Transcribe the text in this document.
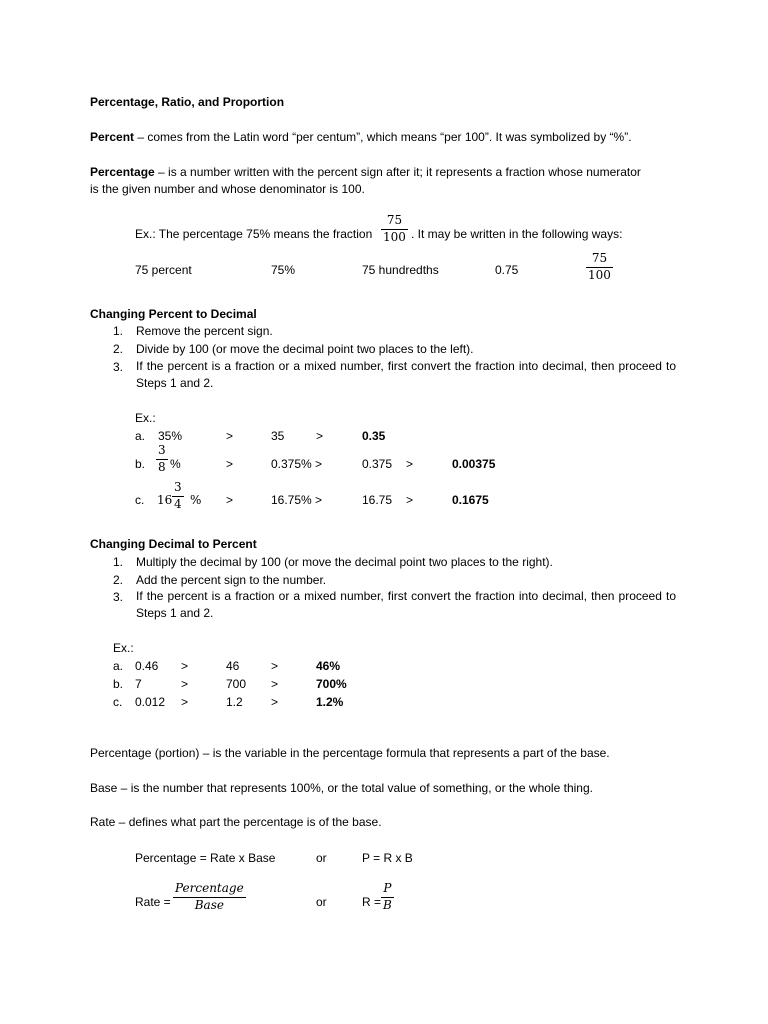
Percentage, Ratio, and Proportion
Percent – comes from the Latin word “per centum”, which means “per 100”. It was symbolized by “%”.
Percentage – is a number written with the percent sign after it; it represents a fraction whose numerator
is the given number and whose denominator is 100.
Ex.: The percentage 75% means the fraction
75
100 . It may be written in the following ways:
75 percent	75%	75 hundredths	0.75
75
100
Changing Percent to Decimal
1. Remove the percent sign.
2. Divide by 100 (or move the decimal point two places to the left).
3. If the percent is a fraction or a mixed number, first convert the fraction into decimal, then proceed to Steps 1 and 2.
Ex.:
a. 35%	>	35	>	0.35
b.
3
8 %	>	0.375% >	0.375 >	0.00375
c. 16
3
4 % >	16.75% >	16.75 >	0.1675
Changing Decimal to Percent
1. Multiply the decimal by 100 (or move the decimal point two places to the right).
2. Add the percent sign to the number.
3. If the percent is a fraction or a mixed number, first convert the fraction into decimal, then proceed to Steps 1 and 2.
Ex.:
a. 0.46 >	46	>	46%
b. 7	>	700 >	700%
c. 0.012 >	1.2 >	1.2%
Percentage (portion) – is the variable in the percentage formula that represents a part of the base.
Base – is the number that represents 100%, or the total value of something, or the whole thing.
Rate – defines what part the percentage is of the base.
Percentage = Rate x Base	or	P = R x B
Rate =
Percentage
Base	or	R =
P
B
